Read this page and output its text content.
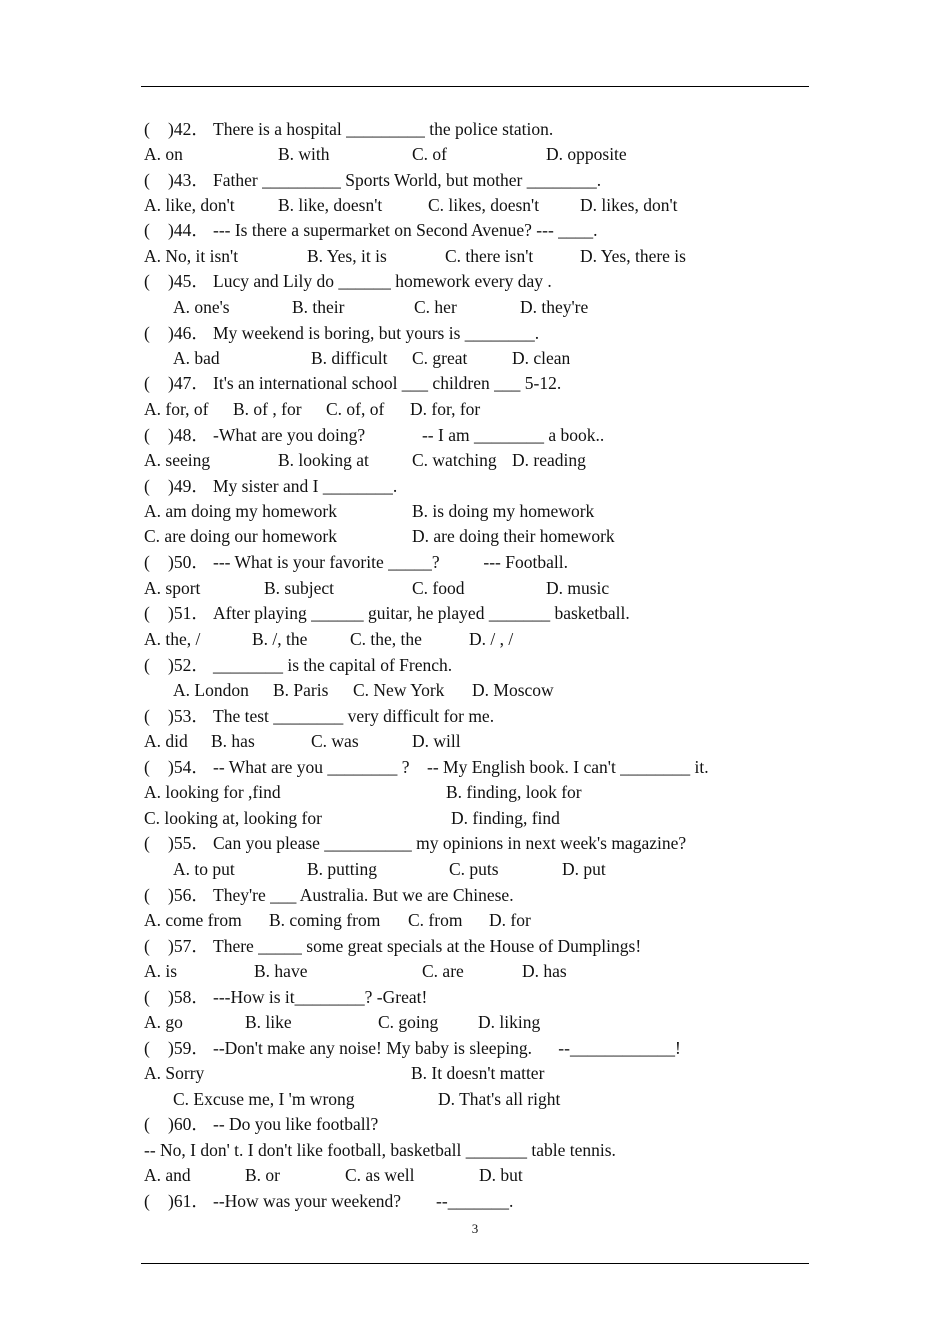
( )42． There is a hospital _________ the police station.
A. on	B. with	C. of	D. opposite
( )43． Father _________ Sports World, but mother ________.
A. like, don't B. like, doesn't	C. likes, doesn't D. likes, don't
( )44． --- Is there a supermarket on Second Avenue? --- ____.
A. No, it isn't	B. Yes, it is	C. there isn't	D. Yes, there is
( )45． Lucy and Lily do ______ homework every day .
A. one's	B. their	C. her	D. they're
( )46． My weekend is boring, but yours is ________.
A. bad	B. difficult C. great	D. clean
( )47． It's an international school ___ children ___ 5-12.
A. for, of B. of , for C. of, of D. for, for
( )48． -What are you doing?             -- I am ________ a book..
A. seeing	B. looking at C. watching D. reading
( )49． My sister and I ________.
A. am doing my homework	B. is doing my homework
C. are doing our homework	D. are doing their homework
( )50． --- What is your favorite _____?          --- Football.
A. sport	B. subject	C. food	D. music
( )51． After playing ______ guitar, he played _______ basketball.
A. the, /	B. /, the C. the, the	D. / , /
( )52． ________ is the capital of French.
A. London B. Paris C. New York D. Moscow
( )53． The test ________ very difficult for me.
A. did B. has	C. was	D. will
( )54． -- What are you ________ ?    -- My English book. I can't ________ it.
A. looking for ,find	B. finding, look for
C. looking at, looking for	D. finding, find
( )55． Can you please __________ my opinions in next week's magazine?
A. to put	B. putting	C. puts	D. put
( )56． They're ___ Australia. But we are Chinese.
A. come from B. coming from C. from D. for
( )57． There _____ some great specials at the House of Dumplings!
A. is	B. have	C. are	D. has
( )58． ---How is it________? -Great!
A. go	B. like	C. going D. liking
( )59． --Don't make any noise! My baby is sleeping.      --____________!
A. Sorry	B. It doesn't matter
C. Excuse me, I 'm wrong	D. That's all right
( )60． -- Do you like football?
-- No, I don' t. I don't like football, basketball _______ table tennis.
A. and	B. or	C. as well	D. but
( )61． --How was your weekend?        --_______.
3
